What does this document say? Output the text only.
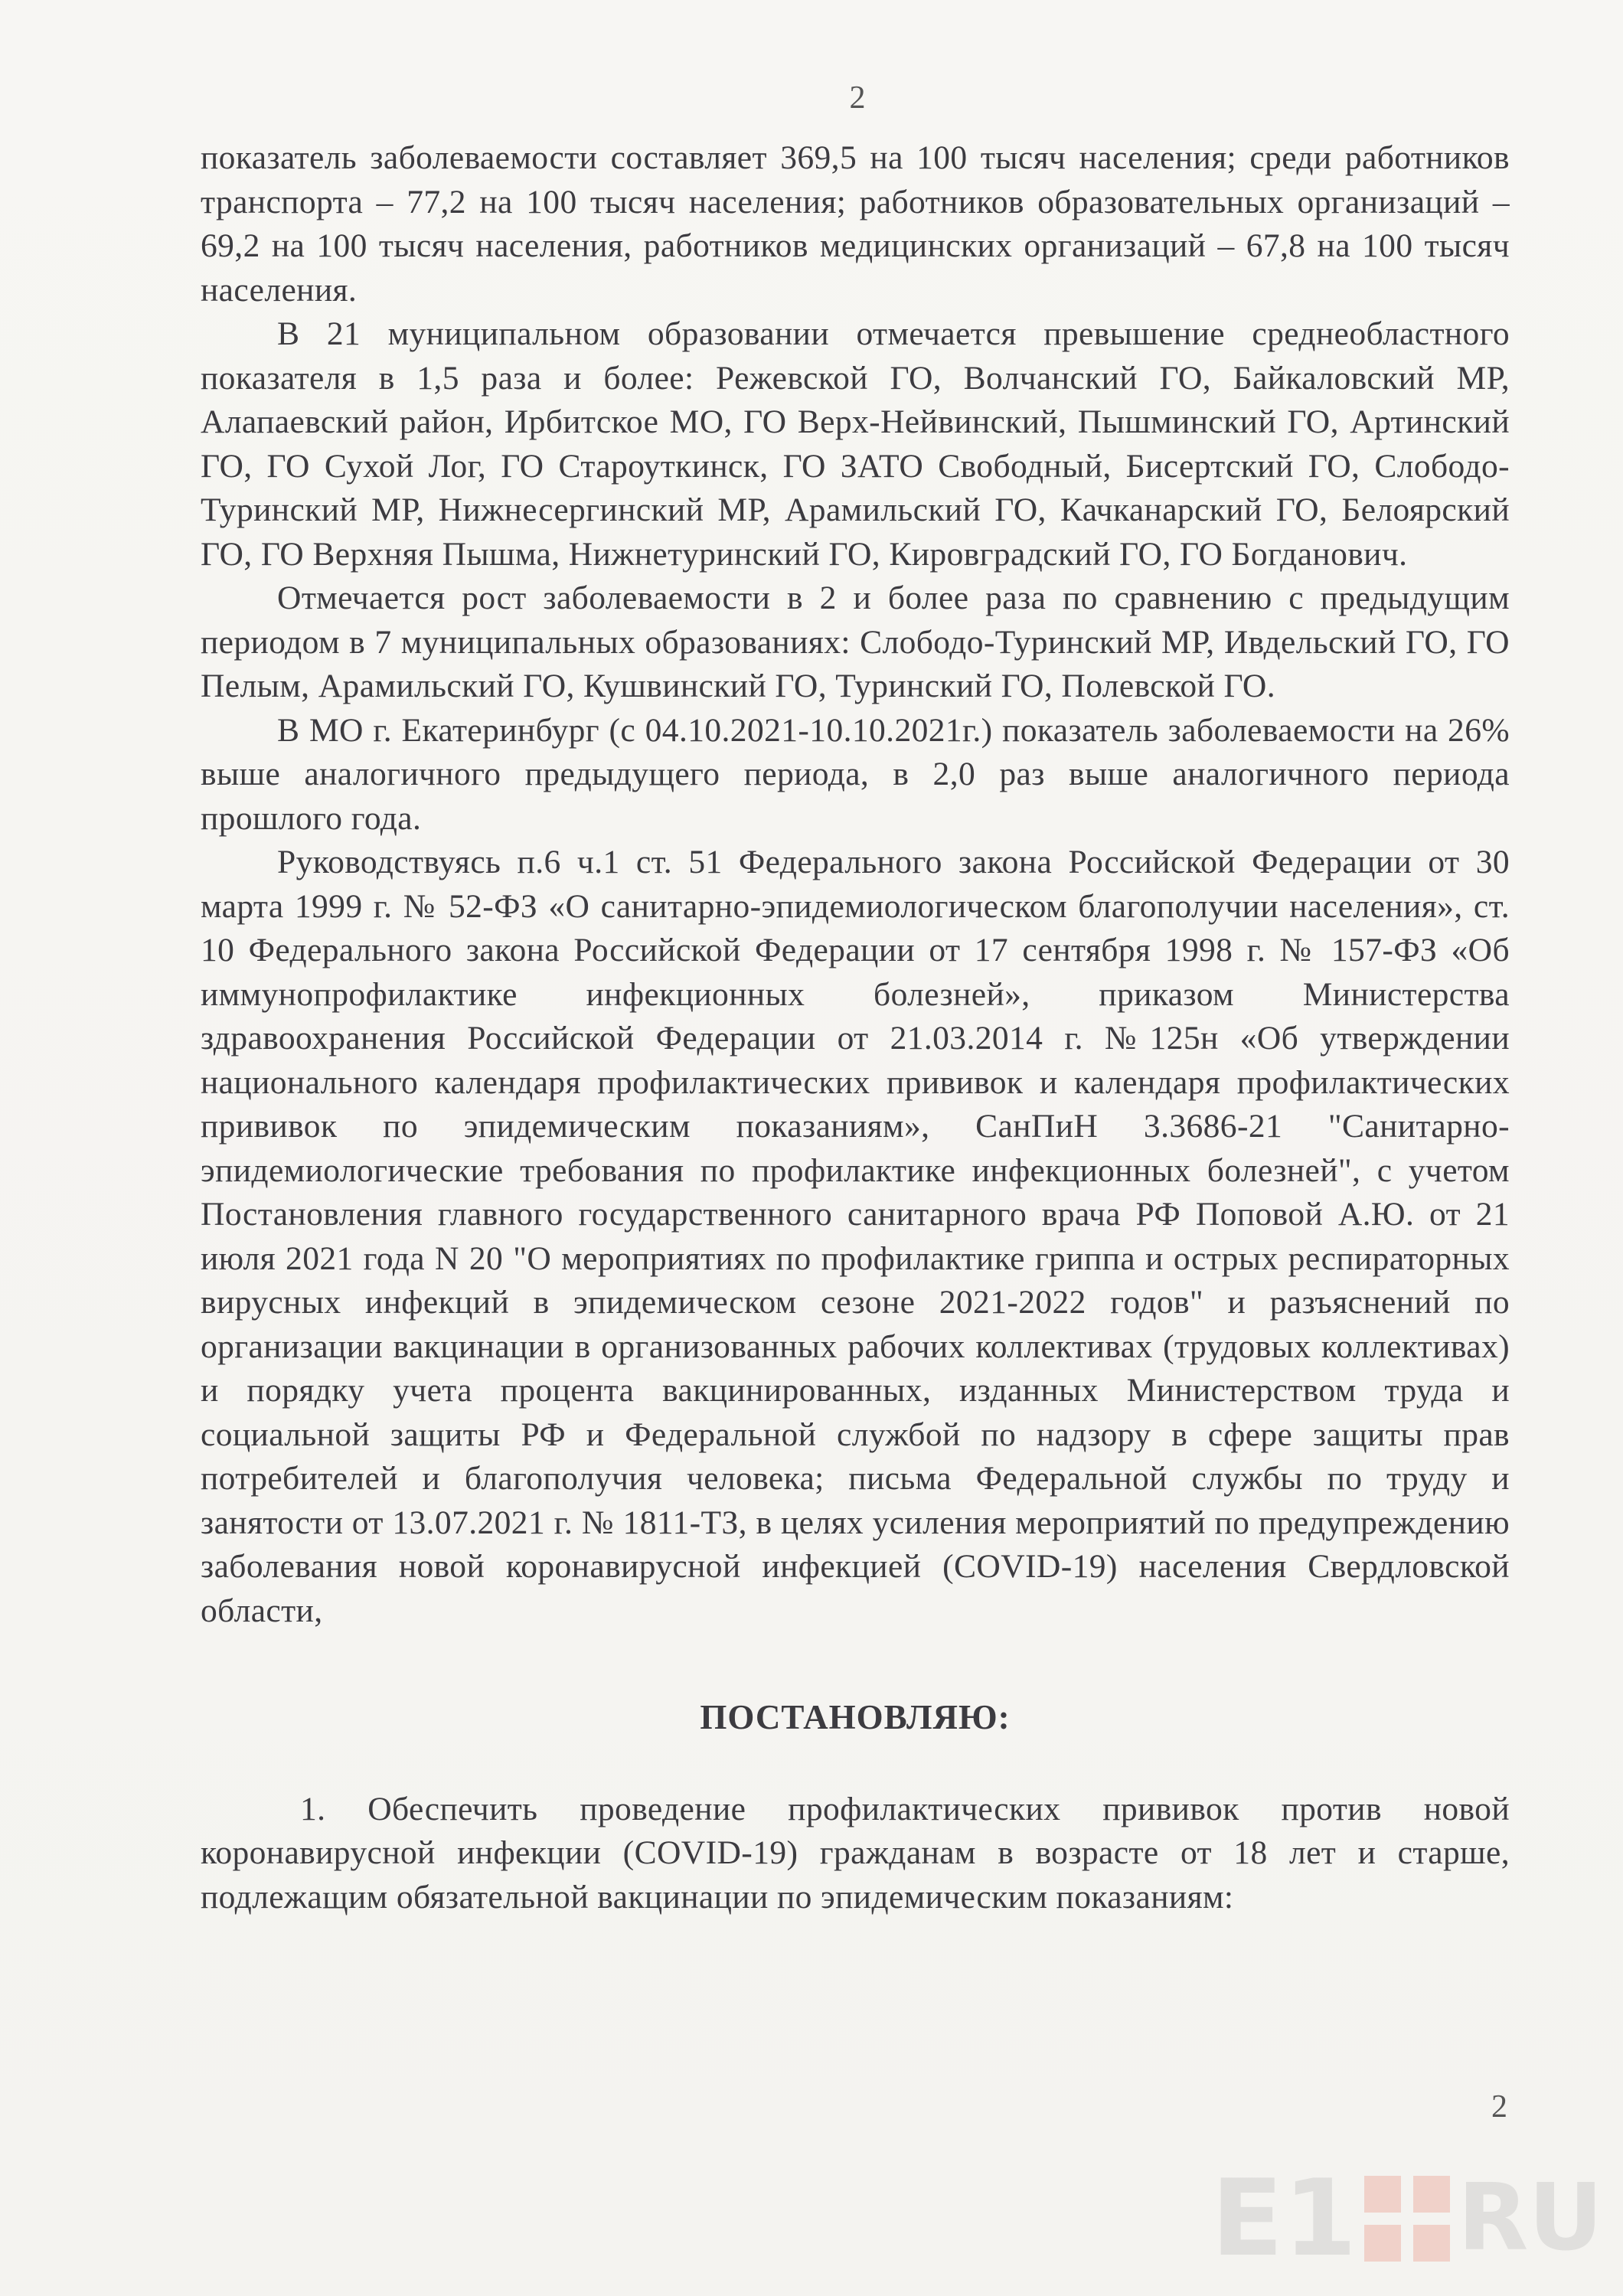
2

показатель заболеваемости составляет 369,5 на 100 тысяч населения; среди работников транспорта – 77,2 на 100 тысяч населения; работников образовательных организаций – 69,2 на 100 тысяч населения, работников медицинских организаций – 67,8 на 100 тысяч населения.

В 21 муниципальном образовании отмечается превышение среднеобластного показателя в 1,5 раза и более: Режевской ГО, Волчанский ГО, Байкаловский МР, Алапаевский район, Ирбитское МО, ГО Верх-Нейвинский, Пышминский ГО, Артинский ГО, ГО Сухой Лог, ГО Староуткинск, ГО ЗАТО Свободный, Бисертский ГО, Слободо-Туринский МР, Нижнесергинский МР, Арамильский ГО, Качканарский ГО, Белоярский ГО, ГО Верхняя Пышма, Нижнетуринский ГО, Кировградский ГО, ГО Богданович.

Отмечается рост заболеваемости в 2 и более раза по сравнению с предыдущим периодом в 7 муниципальных образованиях: Слободо-Туринский МР, Ивдельский ГО, ГО Пелым, Арамильский ГО, Кушвинский ГО, Туринский ГО, Полевской ГО.

В МО г. Екатеринбург (с 04.10.2021-10.10.2021г.) показатель заболеваемости на 26% выше аналогичного предыдущего периода, в 2,0 раз выше аналогичного периода прошлого года.

Руководствуясь п.6 ч.1 ст. 51 Федерального закона Российской Федерации от 30 марта 1999 г. № 52-ФЗ «О санитарно-эпидемиологическом благополучии населения», ст. 10 Федерального закона Российской Федерации от 17 сентября 1998 г. № 157-ФЗ «Об иммунопрофилактике инфекционных болезней», приказом Министерства здравоохранения Российской Федерации от 21.03.2014 г. №125н «Об утверждении национального календаря профилактических прививок и календаря профилактических прививок по эпидемическим показаниям», СанПиН 3.3686-21 "Санитарно-эпидемиологические требования по профилактике инфекционных болезней", с учетом Постановления главного государственного санитарного врача РФ Поповой А.Ю. от 21 июля 2021 года N 20 "О мероприятиях по профилактике гриппа и острых респираторных вирусных инфекций в эпидемическом сезоне 2021-2022 годов" и разъяснений по организации вакцинации в организованных рабочих коллективах (трудовых коллективах) и порядку учета процента вакцинированных, изданных Министерством труда и социальной защиты РФ и Федеральной службой по надзору в сфере защиты прав потребителей и благополучия человека; письма Федеральной службы по труду и занятости от 13.07.2021 г. № 1811-ТЗ, в целях усиления мероприятий по предупреждению заболевания новой коронавирусной инфекцией (COVID-19) населения Свердловской области,

ПОСТАНОВЛЯЮ:

1. Обеспечить проведение профилактических прививок против новой коронавирусной инфекции (COVID-19) гражданам в возрасте от 18 лет и старше, подлежащим обязательной вакцинации по эпидемическим показаниям:

2
E1 RU
